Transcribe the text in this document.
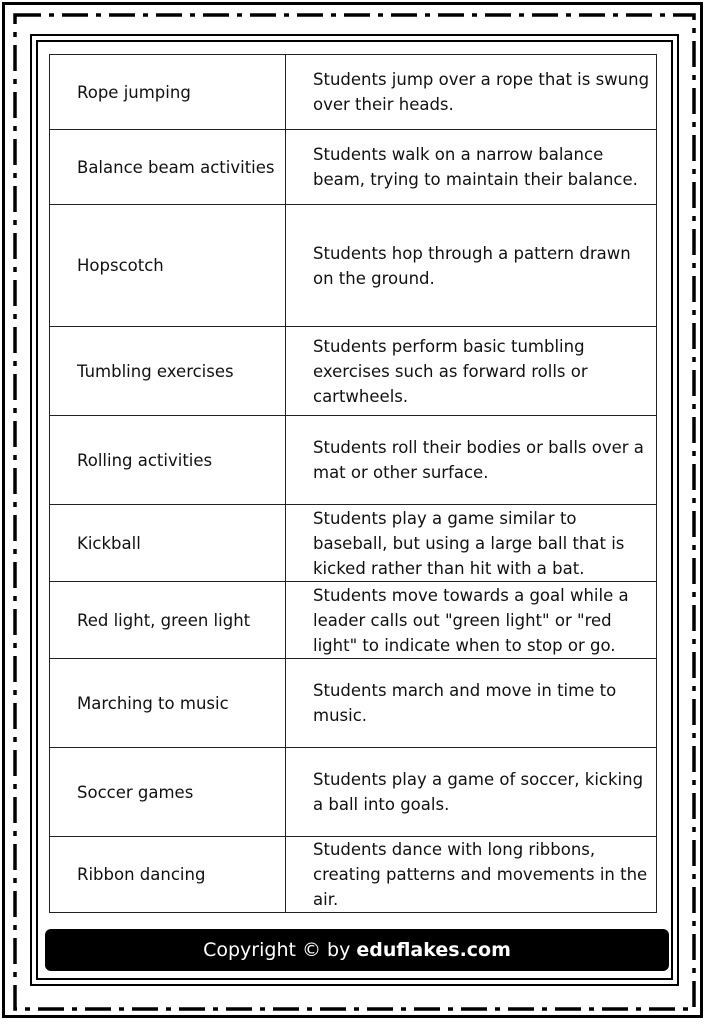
Rope jumping	Students jump over a rope that is swung over their heads.
Balance beam activities	Students walk on a narrow balance beam, trying to maintain their balance.
Hopscotch	Students hop through a pattern drawn on the ground.
Tumbling exercises	Students perform basic tumbling exercises such as forward rolls or cartwheels.
Rolling activities	Students roll their bodies or balls over a mat or other surface.
Kickball	Students play a game similar to baseball, but using a large ball that is kicked rather than hit with a bat.
Red light, green light	Students move towards a goal while a leader calls out "green light" or "red light" to indicate when to stop or go.
Marching to music	Students march and move in time to music.
Soccer games	Students play a game of soccer, kicking a ball into goals.
Ribbon dancing	Students dance with long ribbons, creating patterns and movements in the air.
Copyright © by eduflakes.com
